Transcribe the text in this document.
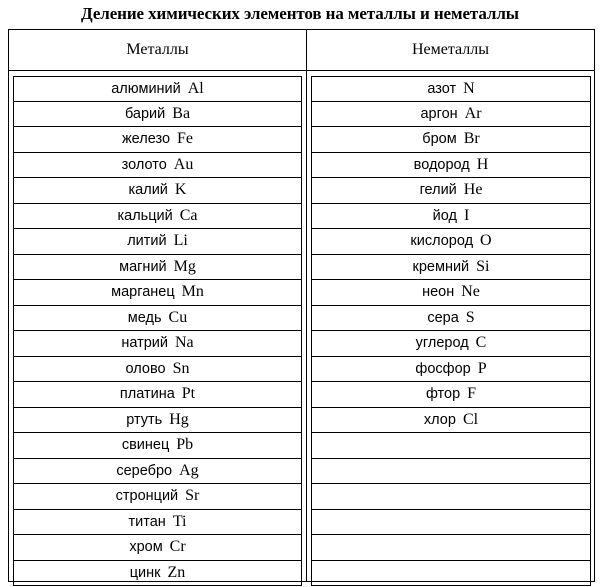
Деление химических элементов на металлы и неметаллы
Металлы	Неметаллы
алюминий Al
барий Ba
железо Fe
золото Au
калий K
кальций Ca
литий Li
магний Mg
марганец Mn
медь Cu
натрий Na
олово Sn
платина Pt
ртуть Hg
свинец Pb
серебро Ag
стронций Sr
титан Ti
хром Cr
цинк Zn
азот N
аргон Ar
бром Br
водород H
гелий He
йод I
кислород O
кремний Si
неон Ne
сера S
углерод C
фосфор P
фтор F
хлор Cl
